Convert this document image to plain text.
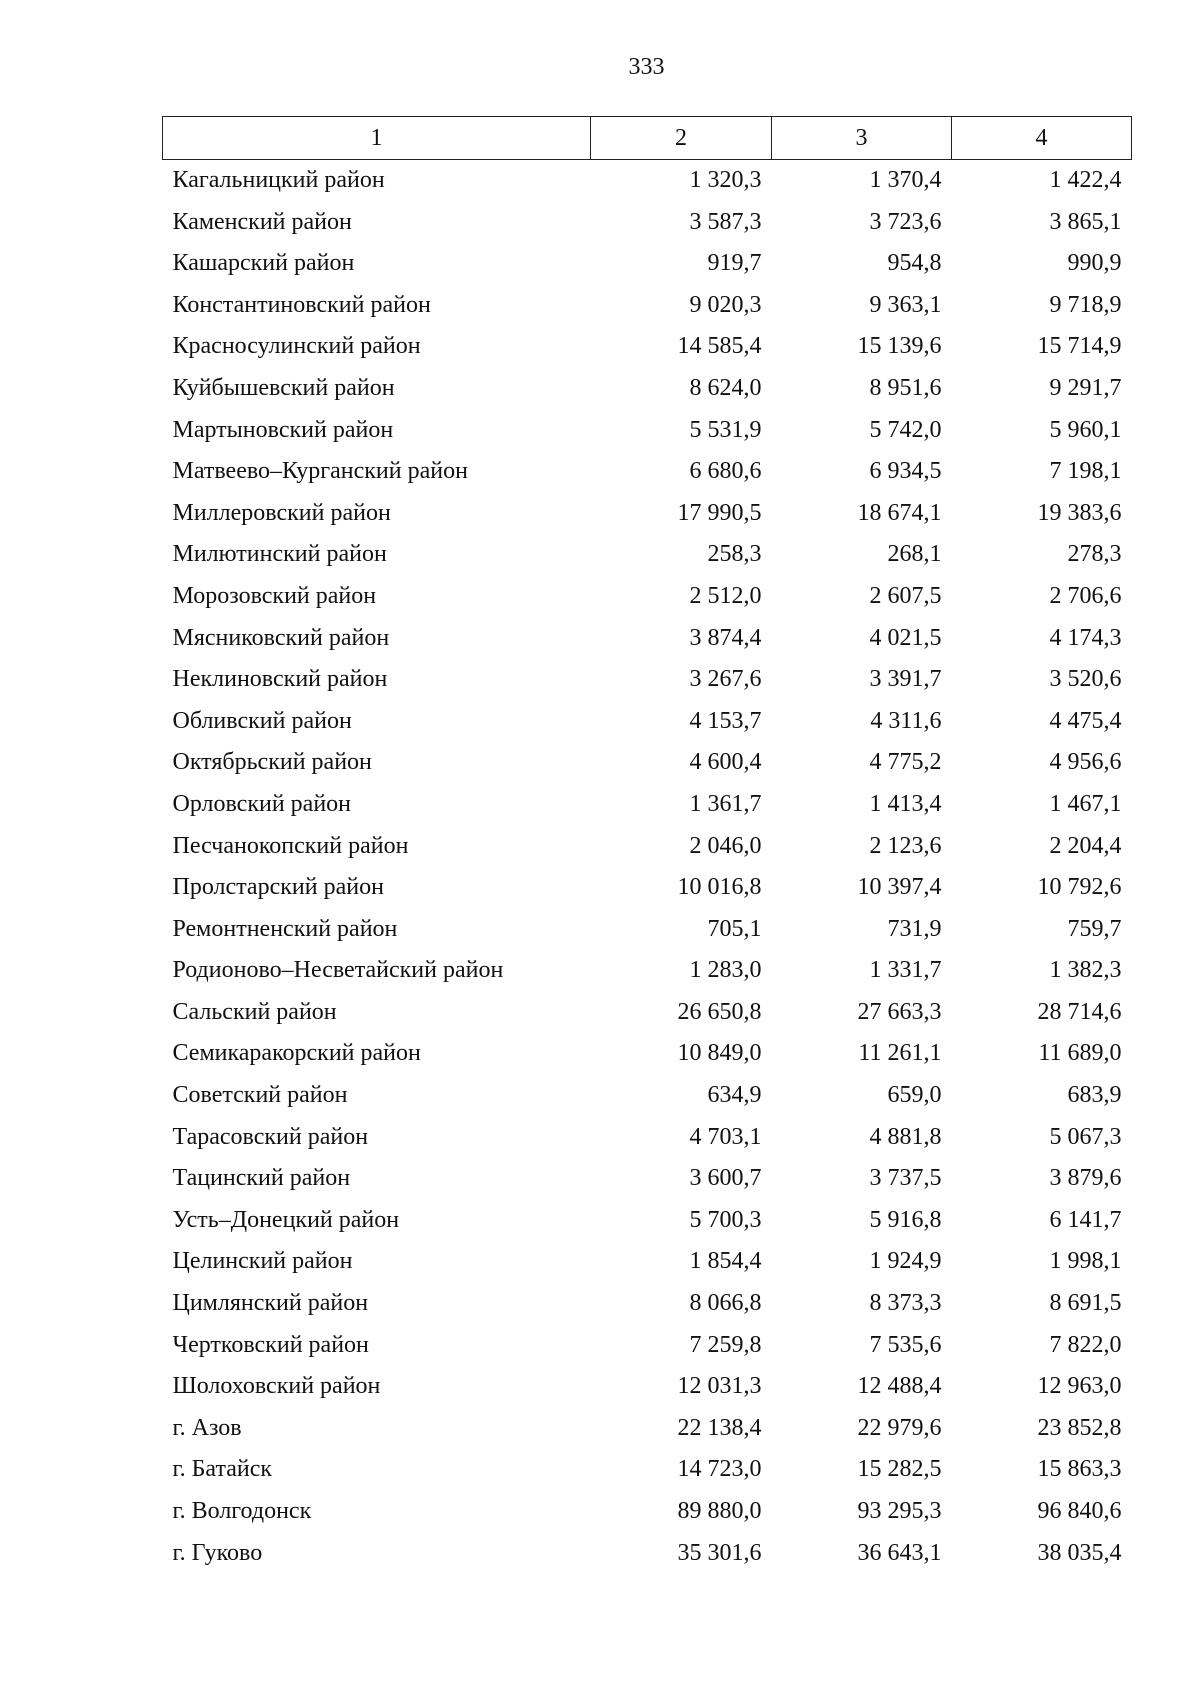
333
1	2	3	4
Кагальницкий район	1 320,3	1 370,4	1 422,4
Каменский район	3 587,3	3 723,6	3 865,1
Кашарский район	919,7	954,8	990,9
Константиновский район	9 020,3	9 363,1	9 718,9
Красносулинский район	14 585,4	15 139,6	15 714,9
Куйбышевский район	8 624,0	8 951,6	9 291,7
Мартыновский район	5 531,9	5 742,0	5 960,1
Матвеево–Курганский район	6 680,6	6 934,5	7 198,1
Миллеровский район	17 990,5	18 674,1	19 383,6
Милютинский район	258,3	268,1	278,3
Морозовский район	2 512,0	2 607,5	2 706,6
Мясниковский район	3 874,4	4 021,5	4 174,3
Неклиновский район	3 267,6	3 391,7	3 520,6
Обливский район	4 153,7	4 311,6	4 475,4
Октябрьский район	4 600,4	4 775,2	4 956,6
Орловский район	1 361,7	1 413,4	1 467,1
Песчанокопский район	2 046,0	2 123,6	2 204,4
Пролстарский район	10 016,8	10 397,4	10 792,6
Ремонтненский район	705,1	731,9	759,7
Родионово–Несветайский район	1 283,0	1 331,7	1 382,3
Сальский район	26 650,8	27 663,3	28 714,6
Семикаракорский район	10 849,0	11 261,1	11 689,0
Советский район	634,9	659,0	683,9
Тарасовский район	4 703,1	4 881,8	5 067,3
Тацинский район	3 600,7	3 737,5	3 879,6
Усть–Донецкий район	5 700,3	5 916,8	6 141,7
Целинский район	1 854,4	1 924,9	1 998,1
Цимлянский район	8 066,8	8 373,3	8 691,5
Чертковский район	7 259,8	7 535,6	7 822,0
Шолоховский район	12 031,3	12 488,4	12 963,0
г. Азов	22 138,4	22 979,6	23 852,8
г. Батайск	14 723,0	15 282,5	15 863,3
г. Волгодонск	89 880,0	93 295,3	96 840,6
г. Гуково	35 301,6	36 643,1	38 035,4
